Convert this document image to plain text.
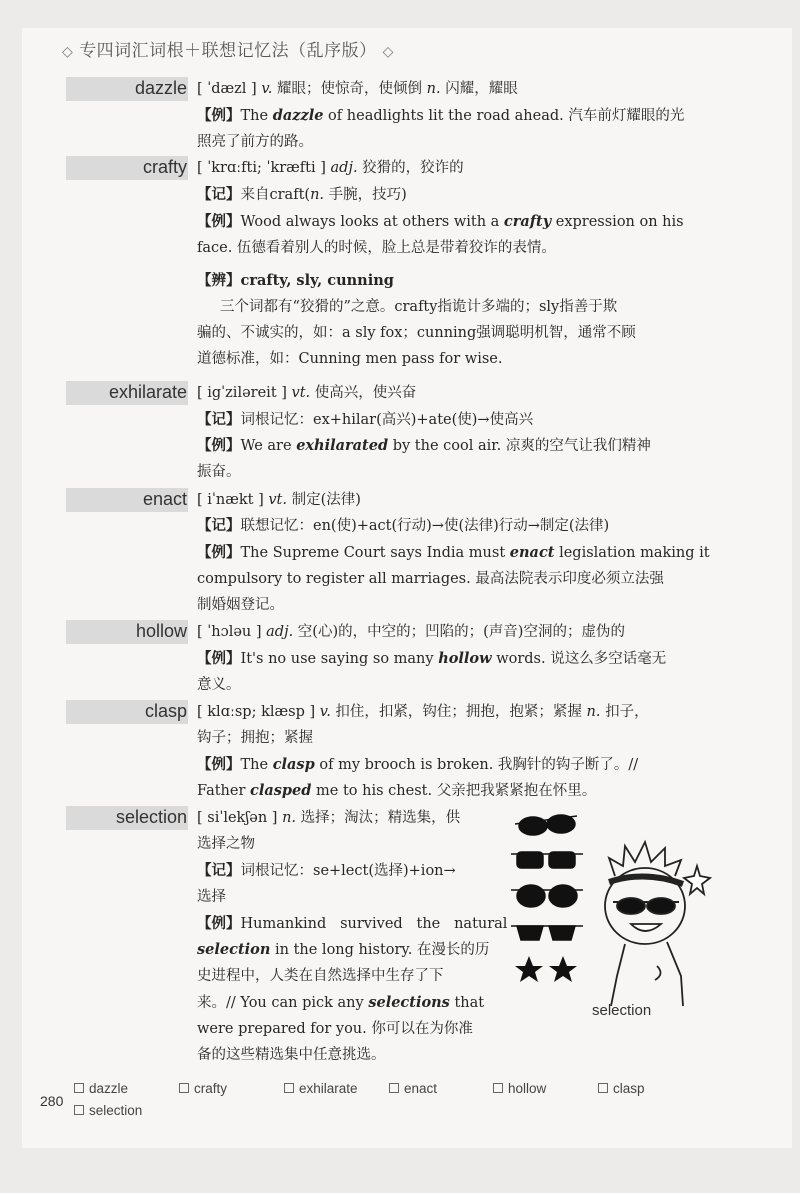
◇ 专四词汇词根＋联想记忆法（乱序版） ◇
dazzle [ ˈdæzl ] v. 耀眼；使惊奇，使倾倒 n. 闪耀，耀眼
【例】The dazzle of headlights lit the road ahead. 汽车前灯耀眼的光
照亮了前方的路。
crafty [ ˈkrɑːfti; ˈkræfti ] adj. 狡猾的，狡诈的
【记】来自craft(n. 手腕，技巧)
【例】Wood always looks at others with a crafty expression on his
face. 伍德看着别人的时候，脸上总是带着狡诈的表情。
【辨】crafty, sly, cunning
三个词都有“狡猾的”之意。crafty指诡计多端的；sly指善于欺
骗的、不诚实的，如：a sly fox；cunning强调聪明机智，通常不顾
道德标准，如：Cunning men pass for wise.
exhilarate [ igˈziləreit ] vt. 使高兴，使兴奋
【记】词根记忆：ex+hilar(高兴)+ate(使)→使高兴
【例】We are exhilarated by the cool air. 凉爽的空气让我们精神
振奋。
enact [ iˈnækt ] vt. 制定(法律)
【记】联想记忆：en(使)+act(行动)→使(法律)行动→制定(法律)
【例】The Supreme Court says India must enact legislation making it
compulsory to register all marriages. 最高法院表示印度必须立法强
制婚姻登记。
hollow [ ˈhɔləu ] adj. 空(心)的，中空的；凹陷的；(声音)空洞的；虚伪的
【例】It's no use saying so many hollow words. 说这么多空话毫无
意义。
clasp [ klɑːsp; klæsp ] v. 扣住，扣紧，钩住；拥抱，抱紧；紧握 n. 扣子，
钩子；拥抱；紧握
【例】The clasp of my brooch is broken. 我胸针的钩子断了。//
Father clasped me to his chest. 父亲把我紧紧抱在怀里。
selection [ siˈlekʃən ] n. 选择；淘汰；精选集，供
选择之物
【记】词根记忆：se+lect(选择)+ion→
选择
【例】Humankind   survived   the   natural
selection in the long history. 在漫长的历
史进程中，人类在自然选择中生存了下
来。// You can pick any selections that
were prepared for you. 你可以在为你准
备的这些精选集中任意挑选。
selection
280
dazzle	crafty	exhilarate	enact	hollow	clasp
selection
